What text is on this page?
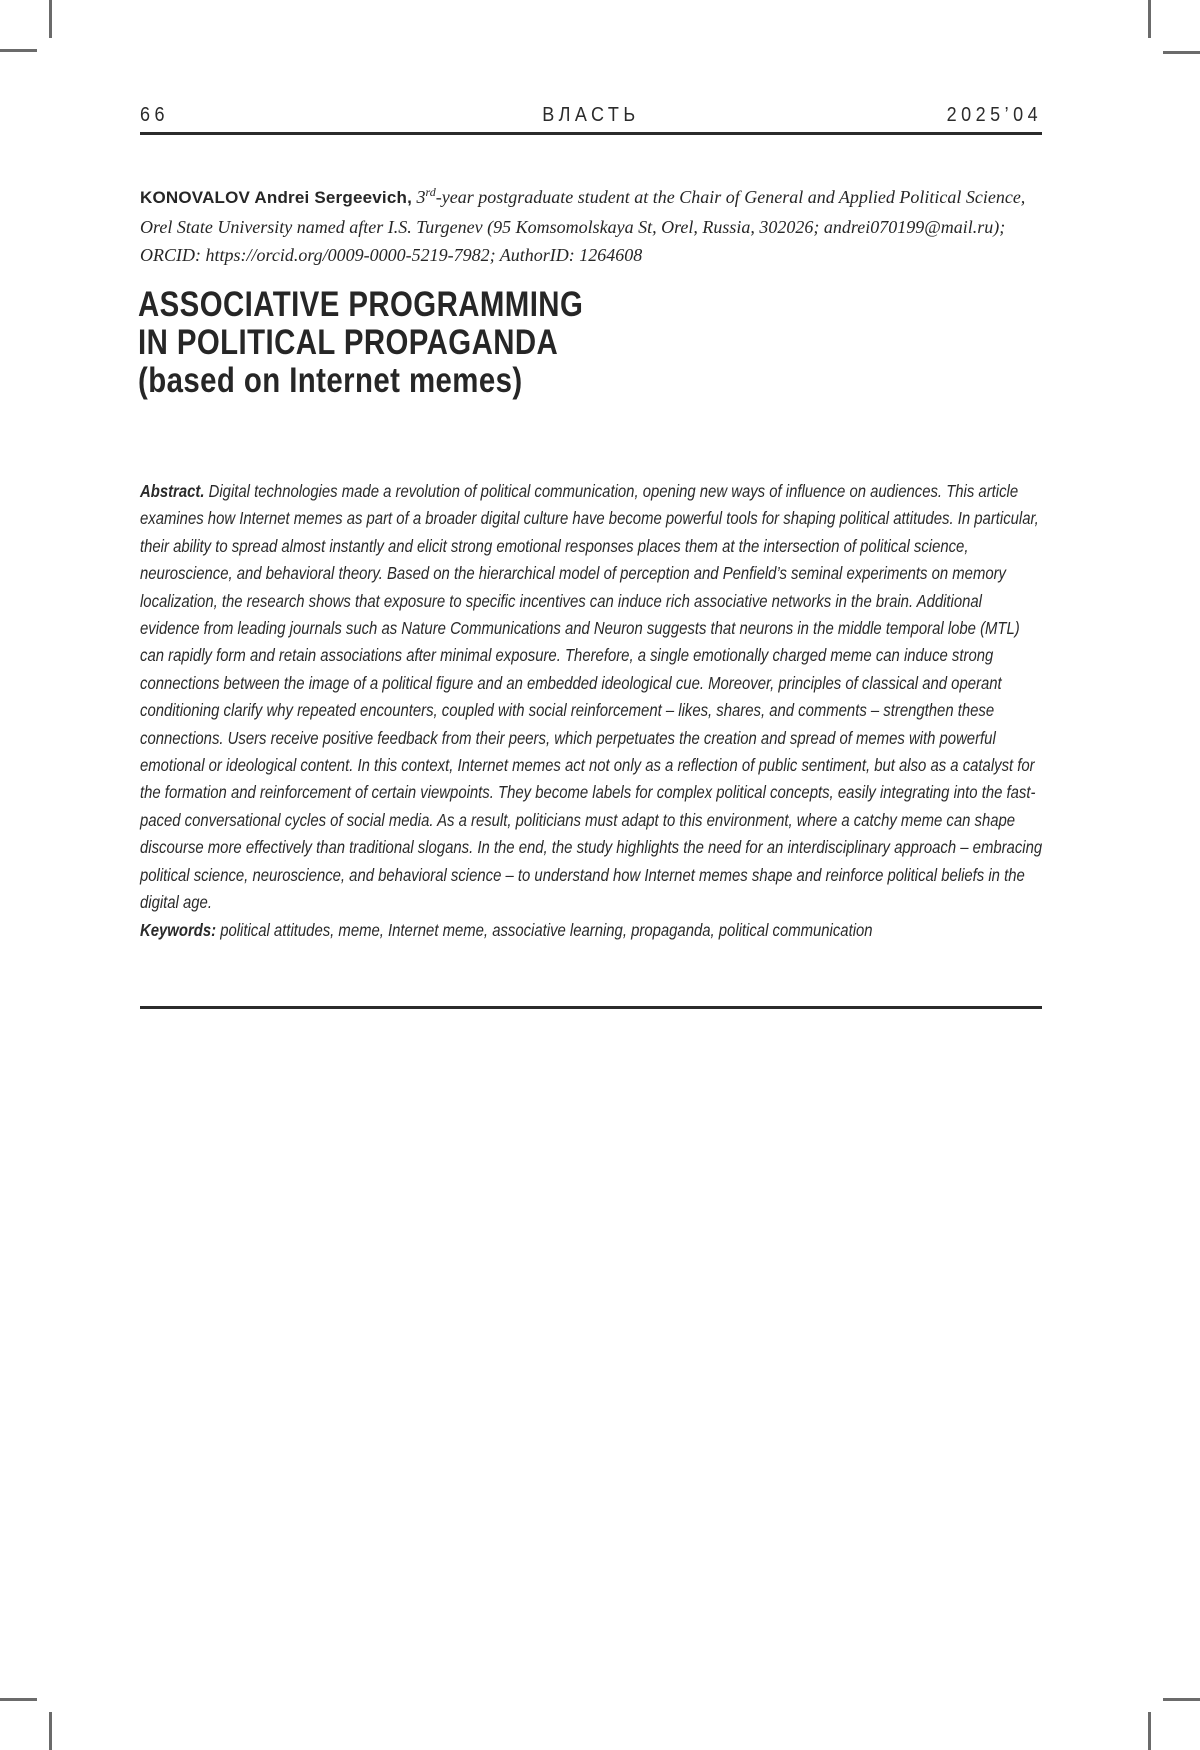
66	ВЛАСТЬ	2025’04

KONOVALOV Andrei Sergeevich, 3rd-year postgraduate student at the Chair of General and Applied Political Science, Orel State University named after I.S. Turgenev (95 Komsomolskaya St, Orel, Russia, 302026; andrei070199@mail.ru); ORCID: https://orcid.org/0009-0000-5219-7982; AuthorID: 1264608

ASSOCIATIVE PROGRAMMING
IN POLITICAL PROPAGANDA
(based on Internet memes)

Abstract. Digital technologies made a revolution of political communication, opening new ways of influence on audiences. This article examines how Internet memes as part of a broader digital culture have become powerful tools for shaping political attitudes. In particular, their ability to spread almost instantly and elicit strong emotional responses places them at the intersection of political science, neuroscience, and behavioral theory. Based on the hierarchical model of perception and Penfield’s seminal experiments on memory localization, the research shows that exposure to specific incentives can induce rich associative networks in the brain. Additional evidence from leading journals such as Nature Communications and Neuron suggests that neurons in the middle temporal lobe (MTL) can rapidly form and retain associations after minimal exposure. Therefore, a single emotionally charged meme can induce strong connections between the image of a political figure and an embedded ideological cue. Moreover, principles of classical and operant conditioning clarify why repeated encounters, coupled with social reinforcement – likes, shares, and comments – strengthen these connections. Users receive positive feedback from their peers, which perpetuates the creation and spread of memes with powerful emotional or ideological content. In this context, Internet memes act not only as a reflection of public sentiment, but also as a catalyst for the formation and reinforcement of certain viewpoints. They become labels for complex political concepts, easily integrating into the fast-paced conversational cycles of social media. As a result, politicians must adapt to this environment, where a catchy meme can shape discourse more effectively than traditional slogans. In the end, the study highlights the need for an interdisciplinary approach – embracing political science, neuroscience, and behavioral science – to understand how Internet memes shape and reinforce political beliefs in the digital age.

Keywords: political attitudes, meme, Internet meme, associative learning, propaganda, political communication
